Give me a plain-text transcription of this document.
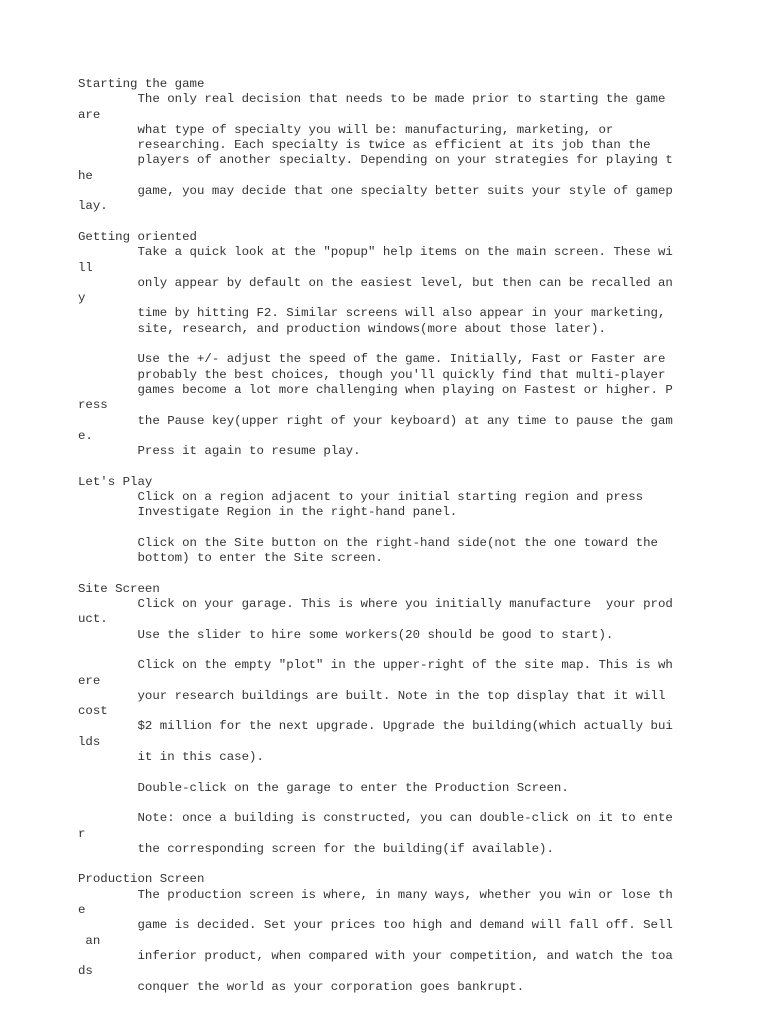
Starting the game
The only real decision that needs to be made prior to starting the game
are
what type of specialty you will be: manufacturing, marketing, or
researching. Each specialty is twice as efficient at its job than the
players of another specialty. Depending on your strategies for playing t
he
game, you may decide that one specialty better suits your style of gamep
lay.
Getting oriented
Take a quick look at the "popup" help items on the main screen. These wi
ll
only appear by default on the easiest level, but then can be recalled an
y
time by hitting F2. Similar screens will also appear in your marketing,
site, research, and production windows(more about those later).
Use the +/- adjust the speed of the game. Initially, Fast or Faster are
probably the best choices, though you'll quickly find that multi-player
games become a lot more challenging when playing on Fastest or higher. P
ress
the Pause key(upper right of your keyboard) at any time to pause the gam
e.
Press it again to resume play.
Let's Play
Click on a region adjacent to your initial starting region and press
Investigate Region in the right-hand panel.
Click on the Site button on the right-hand side(not the one toward the
bottom) to enter the Site screen.
Site Screen
Click on your garage. This is where you initially manufacture  your prod
uct.
Use the slider to hire some workers(20 should be good to start).
Click on the empty "plot" in the upper-right of the site map. This is wh
ere
your research buildings are built. Note in the top display that it will
cost
$2 million for the next upgrade. Upgrade the building(which actually bui
lds
it in this case).
Double-click on the garage to enter the Production Screen.
Note: once a building is constructed, you can double-click on it to ente
r
the corresponding screen for the building(if available).
Production Screen
The production screen is where, in many ways, whether you win or lose th
e
game is decided. Set your prices too high and demand will fall off. Sell
an
inferior product, when compared with your competition, and watch the toa
ds
conquer the world as your corporation goes bankrupt.
